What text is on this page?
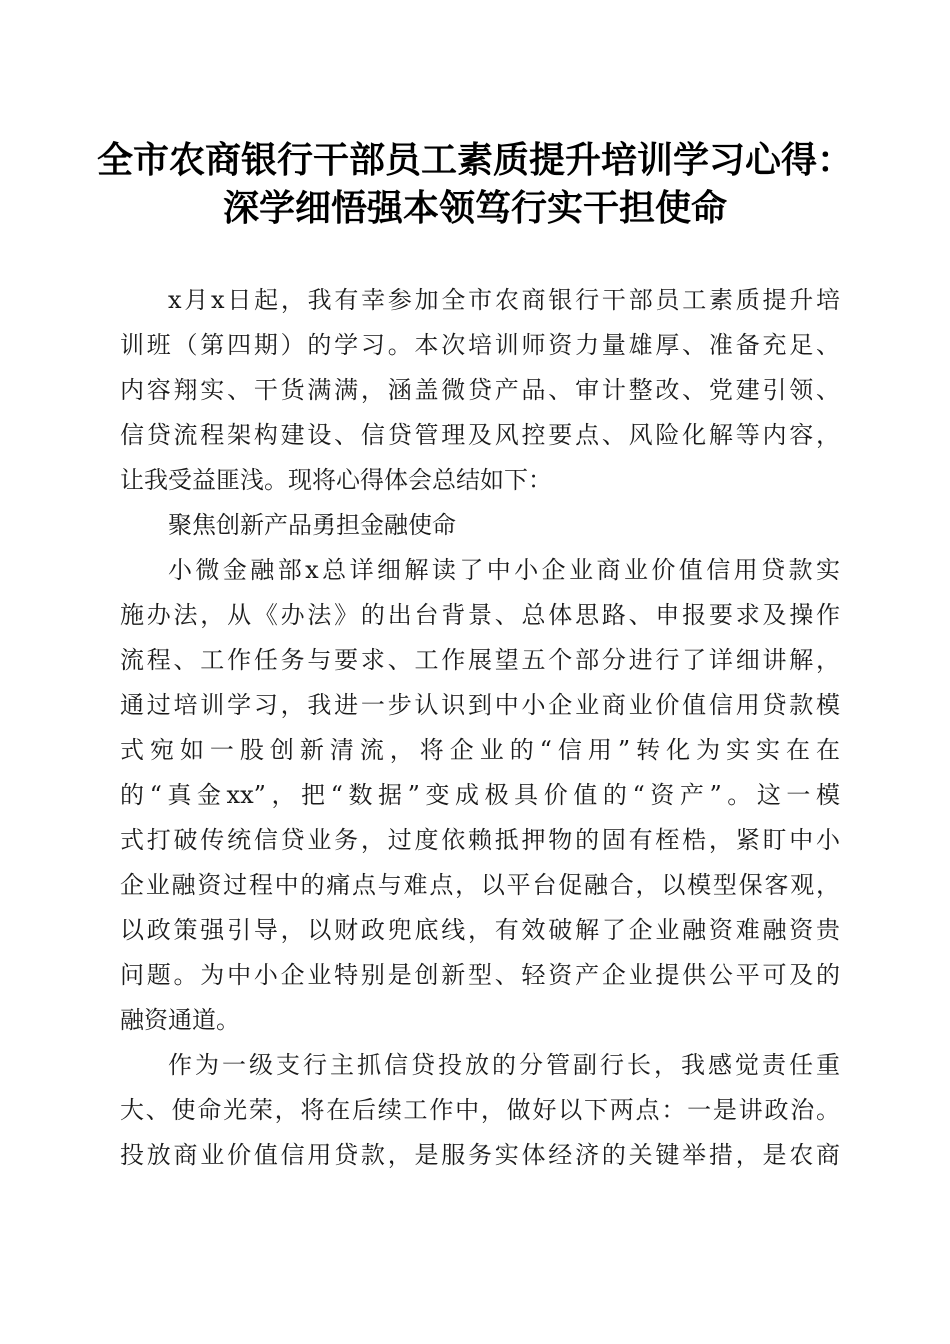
全市农商银行干部员工素质提升培训学习心得：
深学细悟强本领笃行实干担使命
x月x日起，我有幸参加全市农商银行干部员工素质提升培
训班（第四期）的学习。本次培训师资力量雄厚、准备充足、
内容翔实、干货满满，涵盖微贷产品、审计整改、党建引领、
信贷流程架构建设、信贷管理及风控要点、风险化解等内容，
让我受益匪浅。现将心得体会总结如下：
聚焦创新产品勇担金融使命
小微金融部x总详细解读了中小企业商业价值信用贷款实
施办法，从《办法》的出台背景、总体思路、申报要求及操作
流程、工作任务与要求、工作展望五个部分进行了详细讲解，
通过培训学习，我进一步认识到中小企业商业价值信用贷款模
式宛如一股创新清流，将企业的“信用”转化为实实在在
的“真金xx”，把“数据”变成极具价值的“资产”。这一模
式打破传统信贷业务，过度依赖抵押物的固有桎梏，紧盯中小
企业融资过程中的痛点与难点，以平台促融合，以模型保客观，
以政策强引导，以财政兜底线，有效破解了企业融资难融资贵
问题。为中小企业特别是创新型、轻资产企业提供公平可及的
融资通道。
作为一级支行主抓信贷投放的分管副行长，我感觉责任重
大、使命光荣，将在后续工作中，做好以下两点：一是讲政治。
投放商业价值信用贷款，是服务实体经济的关键举措，是农商
